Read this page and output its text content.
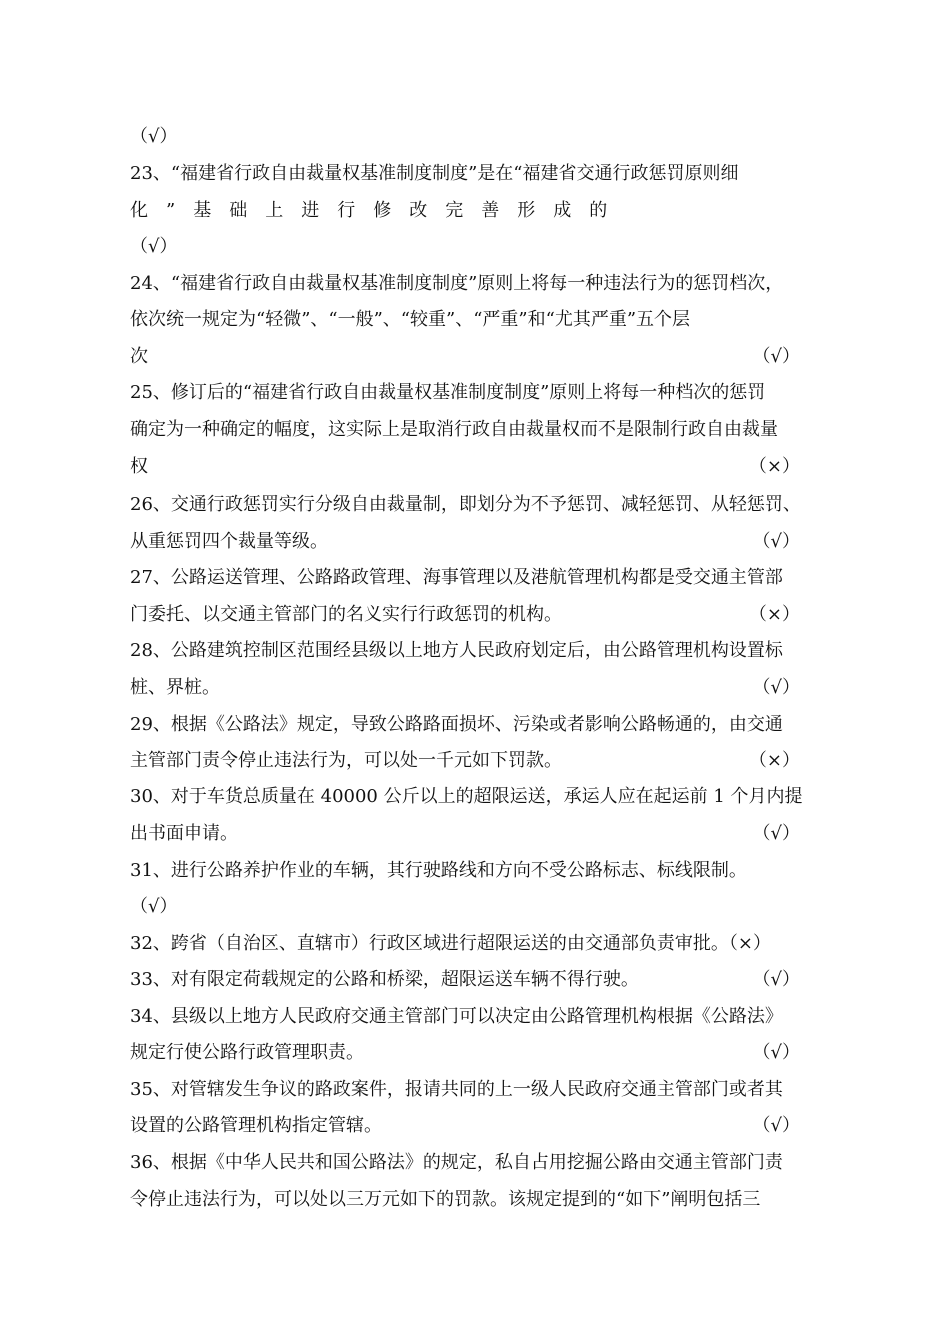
（√）
23、“福建省行政自由裁量权基准制度制度”是在“福建省交通行政惩罚原则细
化　”　基　础　上　进　行　修　改　完　善　形　成　的
（√）
24、“福建省行政自由裁量权基准制度制度”原则上将每一种违法行为的惩罚档次，
依次统一规定为“轻微”、“一般”、“较重”、“严重”和“尤其严重”五个层
次	（√）
25、修订后的“福建省行政自由裁量权基准制度制度”原则上将每一种档次的惩罚
确定为一种确定的幅度，这实际上是取消行政自由裁量权而不是限制行政自由裁量
权	（×）
26、交通行政惩罚实行分级自由裁量制，即划分为不予惩罚、减轻惩罚、从轻惩罚、
从重惩罚四个裁量等级。	（√）
27、公路运送管理、公路路政管理、海事管理以及港航管理机构都是受交通主管部
门委托、以交通主管部门的名义实行行政惩罚的机构。	（×）
28、公路建筑控制区范围经县级以上地方人民政府划定后，由公路管理机构设置标
桩、界桩。	（√）
29、根据《公路法》规定，导致公路路面损坏、污染或者影响公路畅通的，由交通
主管部门责令停止违法行为，可以处一千元如下罚款。	（×）
30、对于车货总质量在 40000 公斤以上的超限运送，承运人应在起运前 1 个月内提
出书面申请。	（√）
31、进行公路养护作业的车辆，其行驶路线和方向不受公路标志、标线限制。
（√）
32、跨省（自治区、直辖市）行政区域进行超限运送的由交通部负责审批。（×）
33、对有限定荷载规定的公路和桥梁，超限运送车辆不得行驶。	（√）
34、县级以上地方人民政府交通主管部门可以决定由公路管理机构根据《公路法》
规定行使公路行政管理职责。	（√）
35、对管辖发生争议的路政案件，报请共同的上一级人民政府交通主管部门或者其
设置的公路管理机构指定管辖。	（√）
36、根据《中华人民共和国公路法》的规定，私自占用挖掘公路由交通主管部门责
令停止违法行为，可以处以三万元如下的罚款。该规定提到的“如下”阐明包括三
